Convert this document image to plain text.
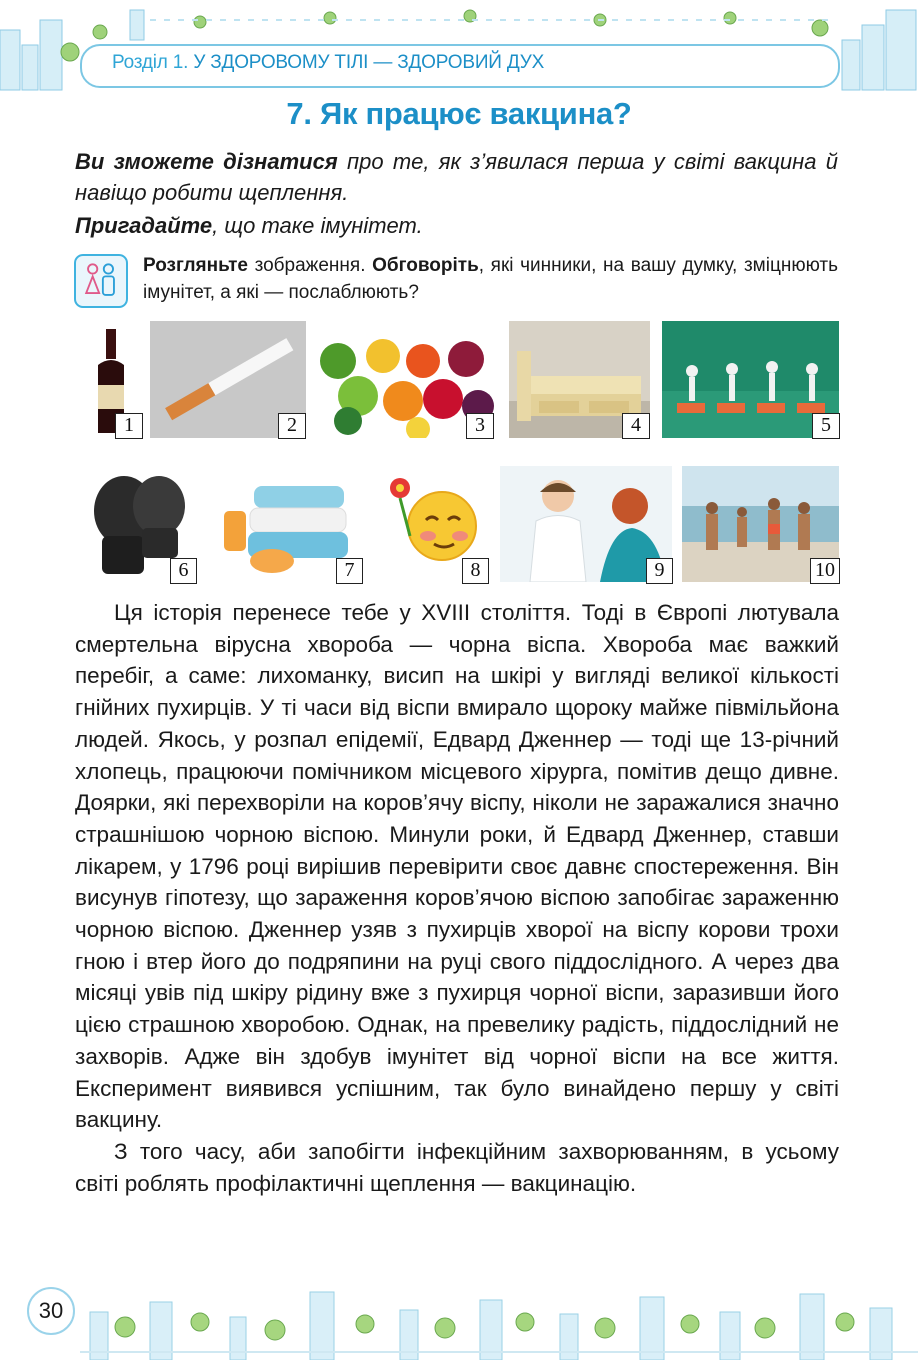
Розділ 1. У ЗДОРОВОМУ ТІЛІ — ЗДОРОВИЙ ДУХ
7. Як працює вакцина?
Ви зможете дізнатися про те, як з’явилася перша у світі вакцина й навіщо робити щеплення.
Пригадайте, що таке імунітет.
Розгляньте зображення. Обговоріть, які чинники, на вашу думку, зміцнюють імунітет, а які — послаблюють?
1	2	3	4	5
6	7	8	9	10

Ця історія перенесе тебе у XVIII століття. Тоді в Європі лютувала смертельна вірусна хвороба — чорна віспа. Хвороба має важкий перебіг, а саме: лихоманку, висип на шкірі у вигляді великої кількості гнійних пухирців. У ті часи від віспи вмирало щороку майже півмільйона людей. Якось, у розпал епідемії, Едвард Дженнер — тоді ще 13-річний хлопець, працюючи помічником місцевого хірурга, помітив дещо дивне. Доярки, які перехворіли на коров’ячу віспу, ніколи не заражалися значно страшнішою чорною віспою. Минули роки, й Едвард Дженнер, ставши лікарем, у 1796 році вирішив перевірити своє давнє спостереження. Він висунув гіпотезу, що зараження коров’ячою віспою запобігає зараженню чорною віспою. Дженнер узяв з пухирців хворої на віспу корови трохи гною і втер його до подряпини на руці свого піддослідного. А через два місяці увів під шкіру рідину вже з пухирця чорної віспи, заразивши його цією страшною хворобою. Однак, на превелику радість, піддослідний не захворів. Адже він здобув імунітет від чорної віспи на все життя. Експеримент виявився успішним, так було винайдено першу у світі вакцину.

З того часу, аби запобігти інфекційним захворюванням, в усьому світі роблять профілактичні щеплення — вакцинацію.

30
